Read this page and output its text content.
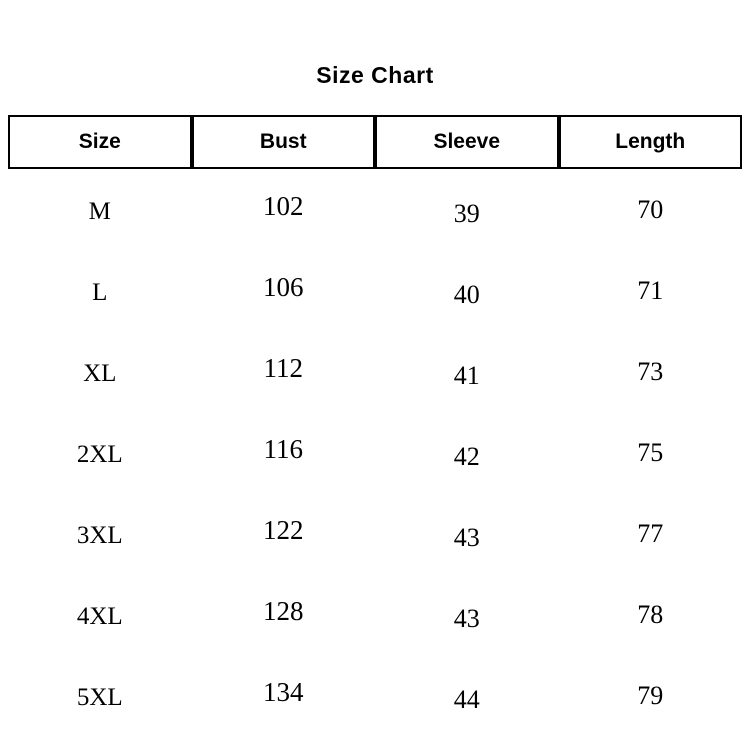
Size Chart
Size	Bust	Sleeve	Length
M	102	39	70
L	106	40	71
XL	112	41	73
2XL	116	42	75
3XL	122	43	77
4XL	128	43	78
5XL	134	44	79
